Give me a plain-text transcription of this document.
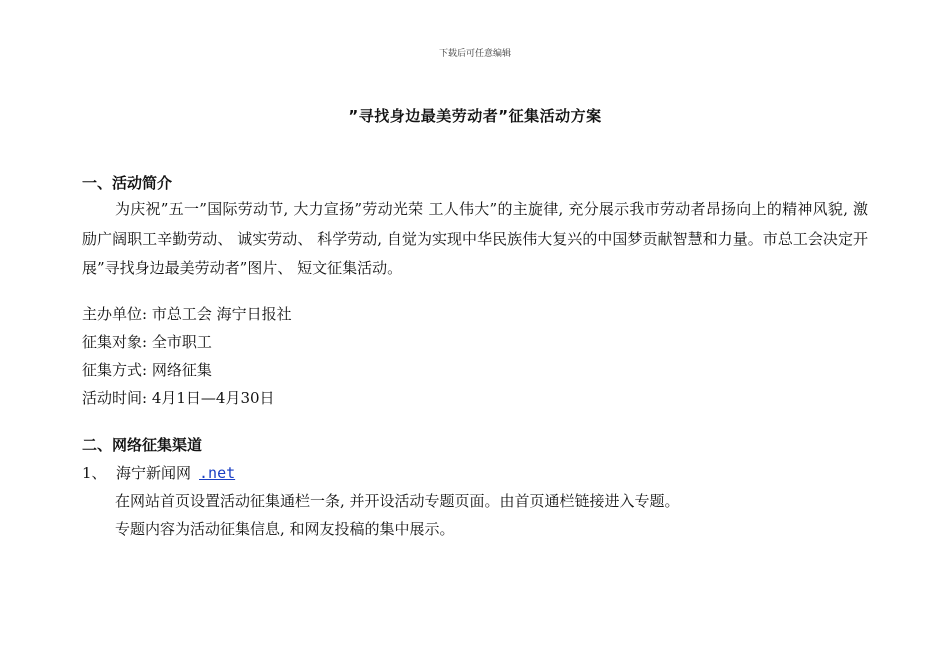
下载后可任意编辑
”寻找身边最美劳动者”征集活动方案
一、活动简介
为庆祝”五一”国际劳动节, 大力宣扬”劳动光荣 工人伟大”的主旋律, 充分展示我市劳动者昂扬向上的精神风貌, 激励广阔职工辛勤劳动、 诚实劳动、 科学劳动, 自觉为实现中华民族伟大复兴的中国梦贡献智慧和力量。市总工会决定开展”寻找身边最美劳动者”图片、 短文征集活动。
主办单位: 市总工会 海宁日报社
征集对象: 全市职工
征集方式: 网络征集
活动时间: 4月1日—4月30日
二、网络征集渠道
1、 海宁新闻网 .net
在网站首页设置活动征集通栏一条, 并开设活动专题页面。由首页通栏链接进入专题。
专题内容为活动征集信息, 和网友投稿的集中展示。
